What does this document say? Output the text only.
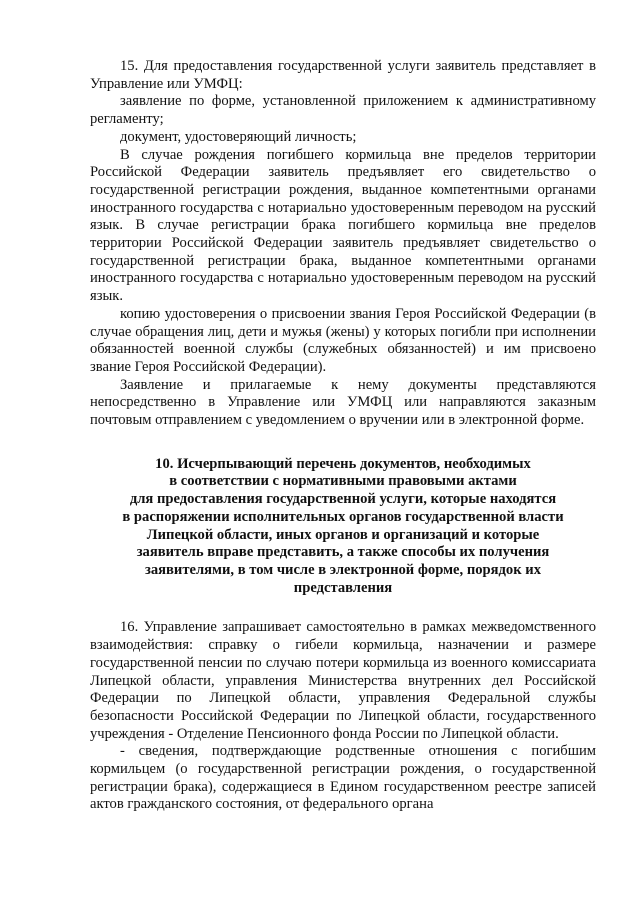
15. Для предоставления государственной услуги заявитель представляет в Управление или УМФЦ:

заявление по форме, установленной приложением к административному регламенту;

документ, удостоверяющий личность;

В случае рождения погибшего кормильца вне пределов территории Российской Федерации заявитель предъявляет его свидетельство о государственной регистрации рождения, выданное компетентными органами иностранного государства с нотариально удостоверенным переводом на русский язык. В случае регистрации брака погибшего кормильца вне пределов территории Российской Федерации заявитель предъявляет свидетельство о государственной регистрации брака, выданное компетентными органами иностранного государства с нотариально удостоверенным переводом на русский язык.

копию удостоверения о присвоении звания Героя Российской Федерации (в случае обращения лиц, дети и мужья (жены) у которых погибли при исполнении обязанностей военной службы (служебных обязанностей) и им присвоено звание Героя Российской Федерации).

Заявление и прилагаемые к нему документы представляются непосредственно в Управление или УМФЦ или направляются заказным почтовым отправлением с уведомлением о вручении или в электронной форме.

10. Исчерпывающий перечень документов, необходимых
в соответствии с нормативными правовыми актами
для предоставления государственной услуги, которые находятся
в распоряжении исполнительных органов государственной власти
Липецкой области, иных органов и организаций и которые
заявитель вправе представить, а также способы их получения
заявителями, в том числе в электронной форме, порядок их
представления

16. Управление запрашивает самостоятельно в рамках межведомственного взаимодействия: справку о гибели кормильца, назначении и размере государственной пенсии по случаю потери кормильца из военного комиссариата Липецкой области, управления Министерства внутренних дел Российской Федерации по Липецкой области, управления Федеральной службы безопасности Российской Федерации по Липецкой области, государственного учреждения - Отделение Пенсионного фонда России по Липецкой области.

- сведения, подтверждающие родственные отношения с погибшим кормильцем (о государственной регистрации рождения, о государственной регистрации брака), содержащиеся в Едином государственном реестре записей актов гражданского состояния, от федерального органа
